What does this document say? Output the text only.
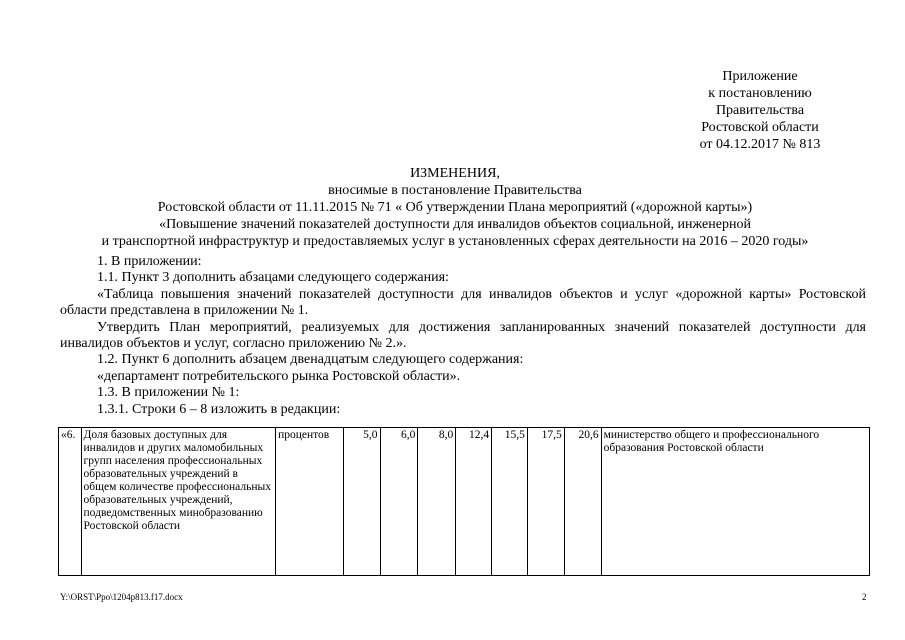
Приложение
к постановлению
Правительства
Ростовской области
от 04.12.2017 № 813
ИЗМЕНЕНИЯ,
вносимые в постановление Правительства
Ростовской области от 11.11.2015 № 71 « Об утверждении Плана мероприятий («дорожной карты»)
«Повышение значений показателей доступности для инвалидов объектов социальной, инженерной
и транспортной инфраструктур и предоставляемых услуг в установленных сферах деятельности на 2016 – 2020 годы»

1. В приложении:

1.1. Пункт 3 дополнить абзацами следующего содержания:

«Таблица повышения значений показателей доступности для инвалидов объектов и услуг «дорожной карты» Ростовской области представлена в приложении № 1.

Утвердить План мероприятий, реализуемых для достижения запланированных значений показателей доступности для инвалидов объектов и услуг, согласно приложению № 2.».

1.2. Пункт 6 дополнить абзацем двенадцатым следующего содержания:

«департамент потребительского рынка Ростовской области».

1.3. В приложении № 1:

1.3.1. Строки 6 – 8 изложить в редакции:

«6.	Доля базовых доступных для инвалидов и других маломобильных групп населения профессиональных образовательных учреждений в общем количестве профессиональных образовательных учреждений, подведомственных минобразованию Ростовской области	процентов	5,0	6,0	8,0	12,4	15,5	17,5	20,6	министерство общего и профессионального образования Ростовской области
Y:\ORST\Ppo\1204p813.f17.docx	2
